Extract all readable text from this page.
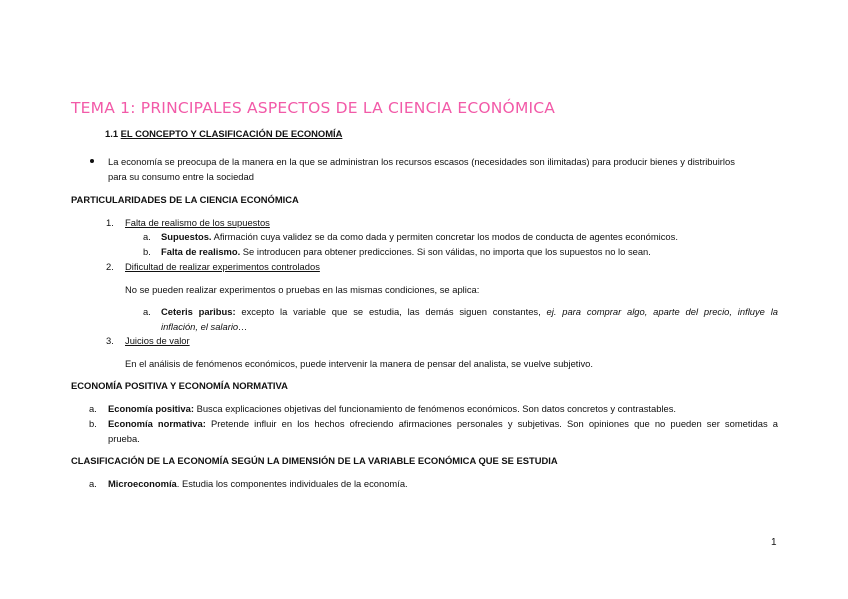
TEMA 1: PRINCIPALES ASPECTOS DE LA CIENCIA ECONÓMICA
1.1 EL CONCEPTO Y CLASIFICACIÓN DE ECONOMÍA
La economía se preocupa de la manera en la que se administran los recursos escasos (necesidades son ilimitadas) para producir bienes y distribuirlos
para su consumo entre la sociedad
PARTICULARIDADES DE LA CIENCIA ECONÓMICA
1. Falta de realismo de los supuestos
a. Supuestos. Afirmación cuya validez se da como dada y permiten concretar los modos de conducta de agentes económicos.
b. Falta de realismo. Se introducen para obtener predicciones. Si son válidas, no importa que los supuestos no lo sean.
2. Dificultad de realizar experimentos controlados
No se pueden realizar experimentos o pruebas en las mismas condiciones, se aplica:
a. Ceteris paribus: excepto la variable que se estudia, las demás siguen constantes, ej. para comprar algo, aparte del precio, influye la
inflación, el salario…
3. Juicios de valor
En el análisis de fenómenos económicos, puede intervenir la manera de pensar del analista, se vuelve subjetivo.
ECONOMÍA POSITIVA Y ECONOMÍA NORMATIVA
a. Economía positiva: Busca explicaciones objetivas del funcionamiento de fenómenos económicos. Son datos concretos y contrastables.
b. Economía normativa: Pretende influir en los hechos ofreciendo afirmaciones personales y subjetivas. Son opiniones que no pueden ser sometidas a
prueba.
CLASIFICACIÓN DE LA ECONOMÍA SEGÚN LA DIMENSIÓN DE LA VARIABLE ECONÓMICA QUE SE ESTUDIA
a. Microeconomía. Estudia los componentes individuales de la economía.
1
